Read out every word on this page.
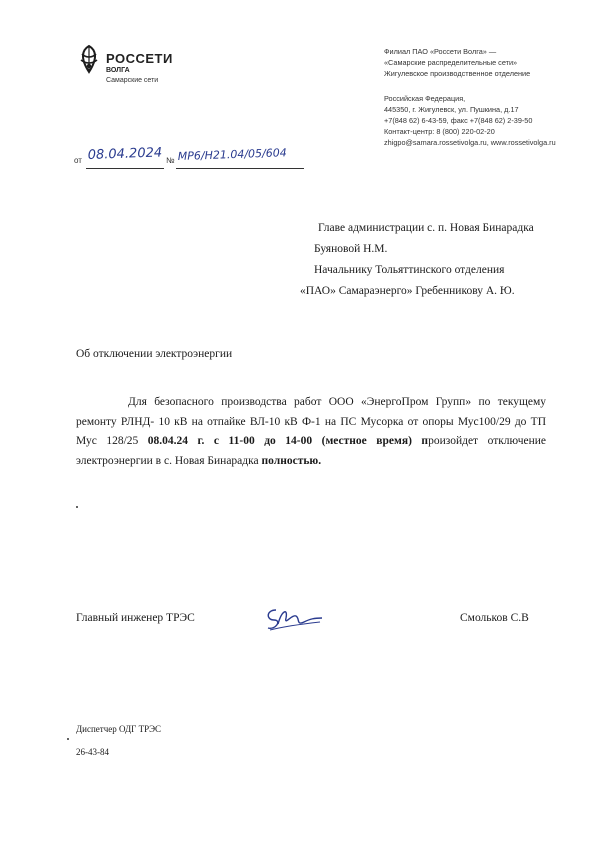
РОССЕТИ
ВОЛГА
Самарские сети
Филиал ПАО «Россети Волга» —
«Самарские распределительные сети»
Жигулевское производственное отделение
Российская Федерация,
445350, г. Жигулевск, ул. Пушкина, д.17
+7(848 62) 6-43-59, факс +7(848 62) 2-39-50
Контакт-центр: 8 (800) 220-02-20
zhigpo@samara.rossetivolga.ru, www.rossetivolga.ru
от 08.04.2024 № МР6/Н21.04/05/604
Главе администрации с. п. Новая Бинарадка
Буяновой Н.М.
Начальнику Тольяттинского отделения
«ПАО» Самараэнерго» Гребенникову А. Ю.
Об отключении электроэнергии
Для безопасного производства работ ООО «ЭнергоПром Групп» по текущему ремонту РЛНД- 10 кВ на отпайке ВЛ-10 кВ Ф-1 на ПС Мусорка от опоры Мус100/29 до ТП Мус 128/25 08.04.24 г. с 11-00 до 14-00 (местное время) произойдет отключение электроэнергии в с. Новая Бинарадка полностью.
Главный инженер ТРЭС	Смольков С.В
Диспетчер ОДГ ТРЭС
26-43-84
